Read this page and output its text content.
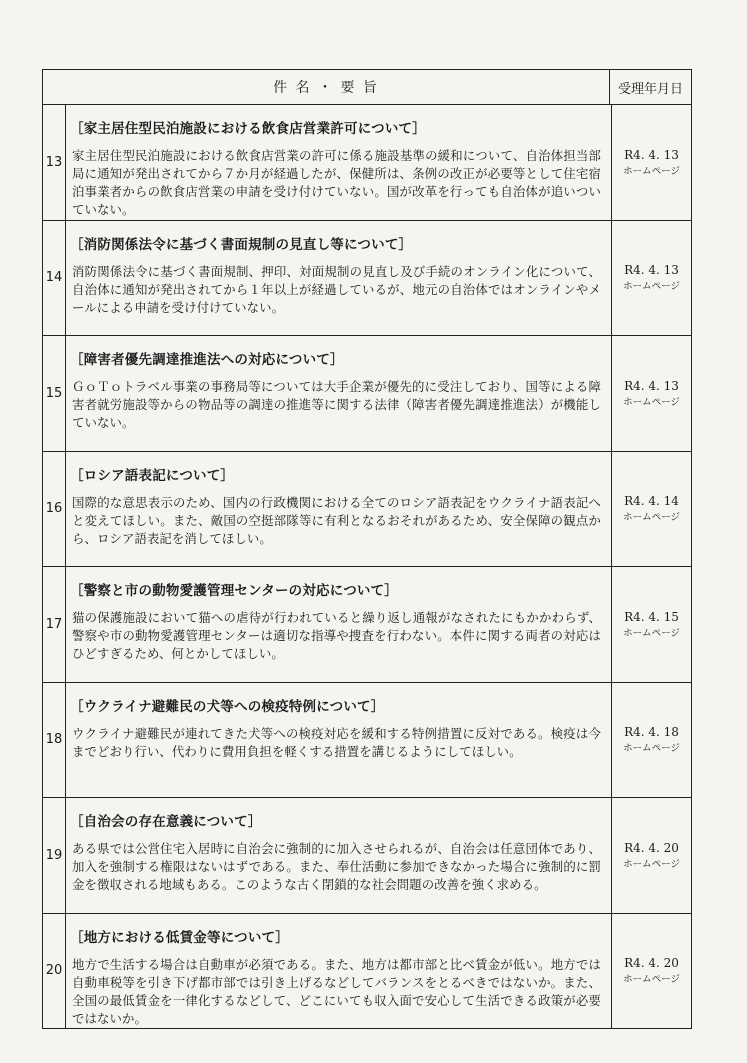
件 名 ・ 要 旨	受理年月日
13
［家主居住型民泊施設における飲食店営業許可について］

家主居住型民泊施設における飲食店営業の許可に係る施設基準の緩和について、自治体担当部局に通知が発出されてから７か月が経過したが、保健所は、条例の改正が必要等として住宅宿泊事業者からの飲食店営業の申請を受け付けていない。国が改革を行っても自治体が追いついていない。

R4. 4. 13
ホームページ
14
［消防関係法令に基づく書面規制の見直し等について］

消防関係法令に基づく書面規制、押印、対面規制の見直し及び手続のオンライン化について、自治体に通知が発出されてから１年以上が経過しているが、地元の自治体ではオンラインやメールによる申請を受け付けていない。

R4. 4. 13
ホームページ
15
［障害者優先調達推進法への対応について］

ＧｏＴｏトラベル事業の事務局等については大手企業が優先的に受注しており、国等による障害者就労施設等からの物品等の調達の推進等に関する法律（障害者優先調達推進法）が機能していない。

R4. 4. 13
ホームページ
16
［ロシア語表記について］

国際的な意思表示のため、国内の行政機関における全てのロシア語表記をウクライナ語表記へと変えてほしい。また、敵国の空挺部隊等に有利となるおそれがあるため、安全保障の観点から、ロシア語表記を消してほしい。

R4. 4. 14
ホームページ
17
［警察と市の動物愛護管理センターの対応について］

猫の保護施設において猫への虐待が行われていると繰り返し通報がなされたにもかかわらず、警察や市の動物愛護管理センターは適切な指導や捜査を行わない。本件に関する両者の対応はひどすぎるため、何とかしてほしい。

R4. 4. 15
ホームページ
18
［ウクライナ避難民の犬等への検疫特例について］

ウクライナ避難民が連れてきた犬等への検疫対応を緩和する特例措置に反対である。検疫は今までどおり行い、代わりに費用負担を軽くする措置を講じるようにしてほしい。

R4. 4. 18
ホームページ
19
［自治会の存在意義について］

ある県では公営住宅入居時に自治会に強制的に加入させられるが、自治会は任意団体であり、加入を強制する権限はないはずである。また、奉仕活動に参加できなかった場合に強制的に罰金を徴収される地域もある。このような古く閉鎖的な社会問題の改善を強く求める。

R4. 4. 20
ホームページ
20
［地方における低賃金等について］

地方で生活する場合は自動車が必須である。また、地方は都市部と比べ賃金が低い。地方では自動車税等を引き下げ都市部では引き上げるなどしてバランスをとるべきではないか。また、全国の最低賃金を一律化するなどして、どこにいても収入面で安心して生活できる政策が必要ではないか。

R4. 4. 20
ホームページ
